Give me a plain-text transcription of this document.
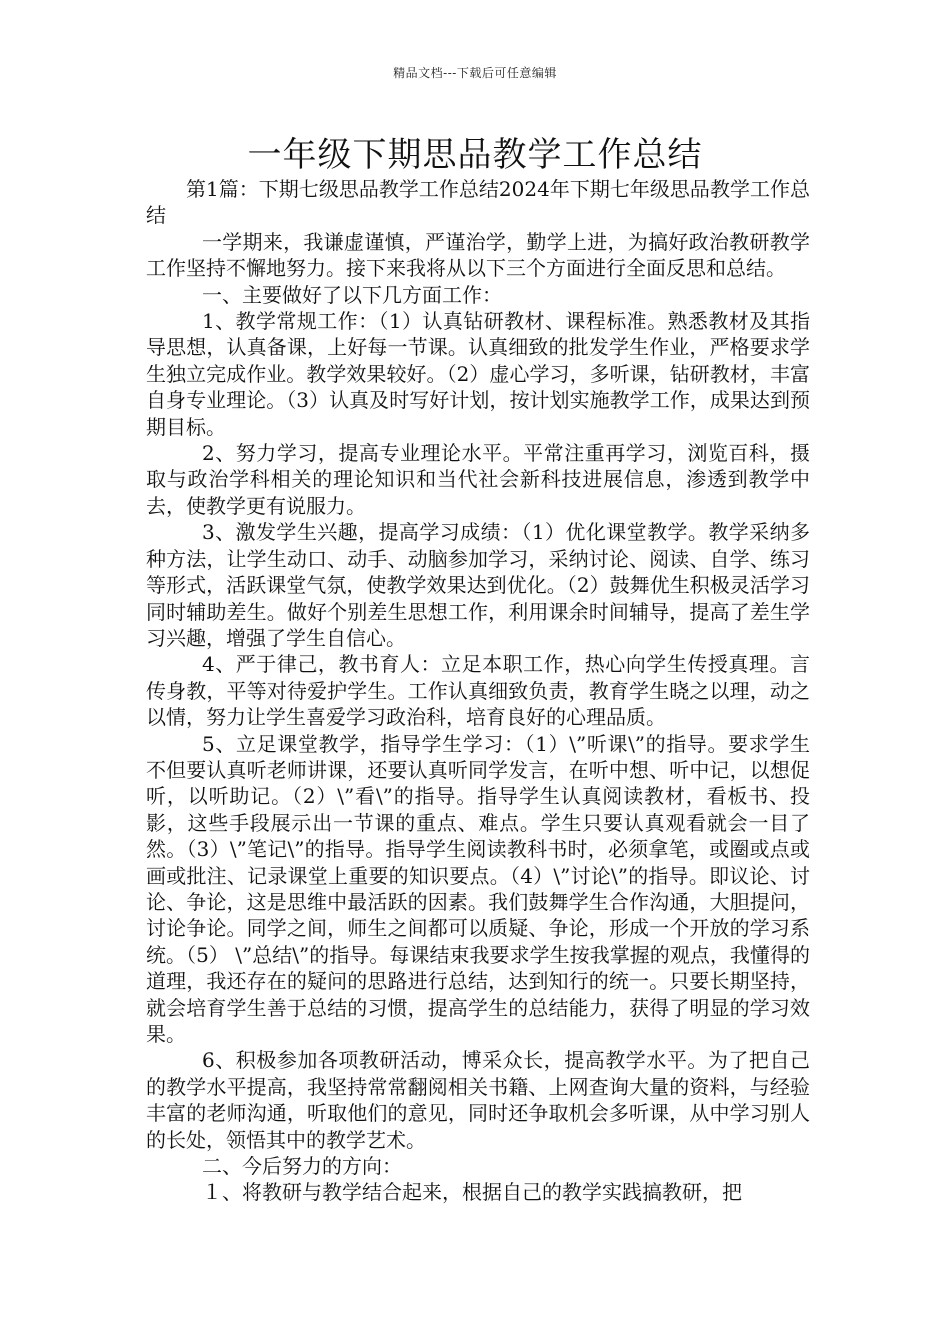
精品文档---下载后可任意编辑
一年级下期思品教学工作总结

第1篇：下期七级思品教学工作总结2024年下期七年级思品教学工作总结

一学期来，我谦虚谨慎，严谨治学，勤学上进，为搞好政治教研教学工作坚持不懈地努力。接下来我将从以下三个方面进行全面反思和总结。

一、主要做好了以下几方面工作：

1、教学常规工作：（1）认真钻研教材、课程标准。熟悉教材及其指导思想，认真备课，上好每一节课。认真细致的批发学生作业，严格要求学生独立完成作业。教学效果较好。（2）虚心学习，多听课，钻研教材，丰富自身专业理论。（3）认真及时写好计划，按计划实施教学工作，成果达到预期目标。

2、努力学习，提高专业理论水平。平常注重再学习，浏览百科，摄取与政治学科相关的理论知识和当代社会新科技进展信息，渗透到教学中去，使教学更有说服力。

3、激发学生兴趣，提高学习成绩：（1）优化课堂教学。教学采纳多种方法，让学生动口、动手、动脑参加学习，采纳讨论、阅读、自学、练习等形式，活跃课堂气氛，使教学效果达到优化。（2）鼓舞优生积极灵活学习同时辅助差生。做好个别差生思想工作，利用课余时间辅导，提高了差生学习兴趣，增强了学生自信心。

4、严于律己，教书育人：立足本职工作，热心向学生传授真理。言传身教，平等对待爱护学生。工作认真细致负责，教育学生晓之以理，动之以情，努力让学生喜爱学习政治科，培育良好的心理品质。

5、立足课堂教学，指导学生学习：（1）\”听课\”的指导。要求学生不但要认真听老师讲课，还要认真听同学发言，在听中想、听中记，以想促听，以听助记。（2）\”看\”的指导。指导学生认真阅读教材，看板书、投影，这些手段展示出一节课的重点、难点。学生只要认真观看就会一目了然。（3）\”笔记\”的指导。指导学生阅读教科书时，必须拿笔，或圈或点或画或批注、记录课堂上重要的知识要点。（4）\”讨论\”的指导。即议论、讨论、争论，这是思维中最活跃的因素。我们鼓舞学生合作沟通，大胆提问，讨论争论。同学之间，师生之间都可以质疑、争论，形成一个开放的学习系统。（5） \”总结\”的指导。每课结束我要求学生按我掌握的观点，我懂得的道理，我还存在的疑问的思路进行总结，达到知行的统一。只要长期坚持，就会培育学生善于总结的习惯，提高学生的总结能力，获得了明显的学习效果。

6、积极参加各项教研活动，博采众长，提高教学水平。为了把自己的教学水平提高，我坚持常常翻阅相关书籍、上网查询大量的资料，与经验丰富的老师沟通，听取他们的意见，同时还争取机会多听课，从中学习别人的长处，领悟其中的教学艺术。

二、今后努力的方向：

１、将教研与教学结合起来，根据自己的教学实践搞教研，把
